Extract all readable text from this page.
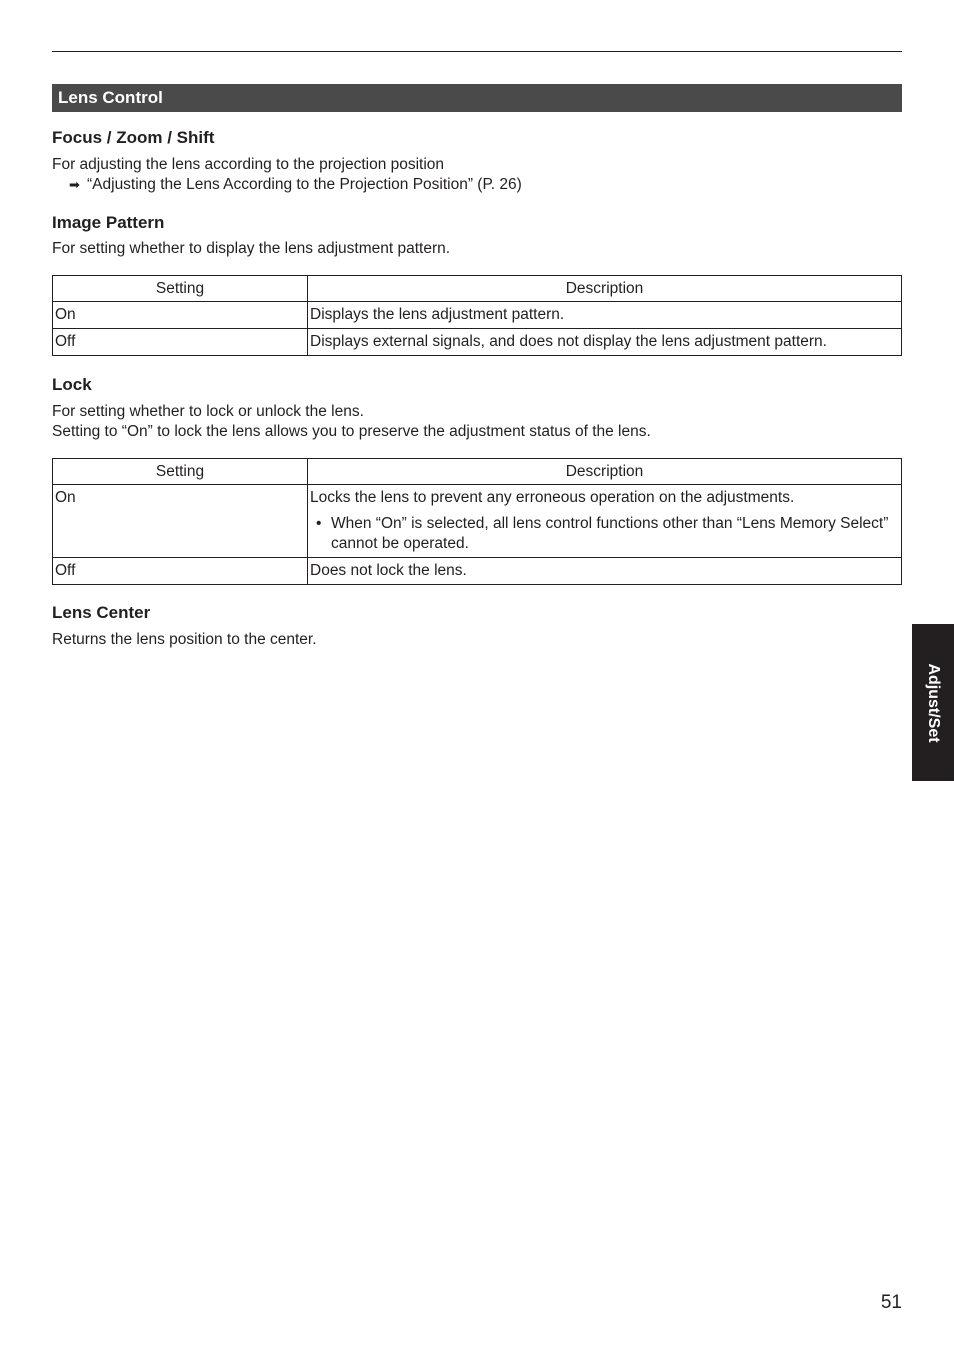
Lens Control
Focus / Zoom / Shift
For adjusting the lens according to the projection position
➡ “Adjusting the Lens According to the Projection Position” (P. 26)
Image Pattern
For setting whether to display the lens adjustment pattern.
Setting	Description
On	Displays the lens adjustment pattern.
Off	Displays external signals, and does not display the lens adjustment pattern.
Lock
For setting whether to lock or unlock the lens.
Setting to “On” to lock the lens allows you to preserve the adjustment status of the lens.
Setting	Description
On	Locks the lens to prevent any erroneous operation on the adjustments.
• When “On” is selected, all lens control functions other than “Lens Memory Select” cannot be operated.

Off	Does not lock the lens.
Lens Center
Returns the lens position to the center.
Adjust/Set
51
